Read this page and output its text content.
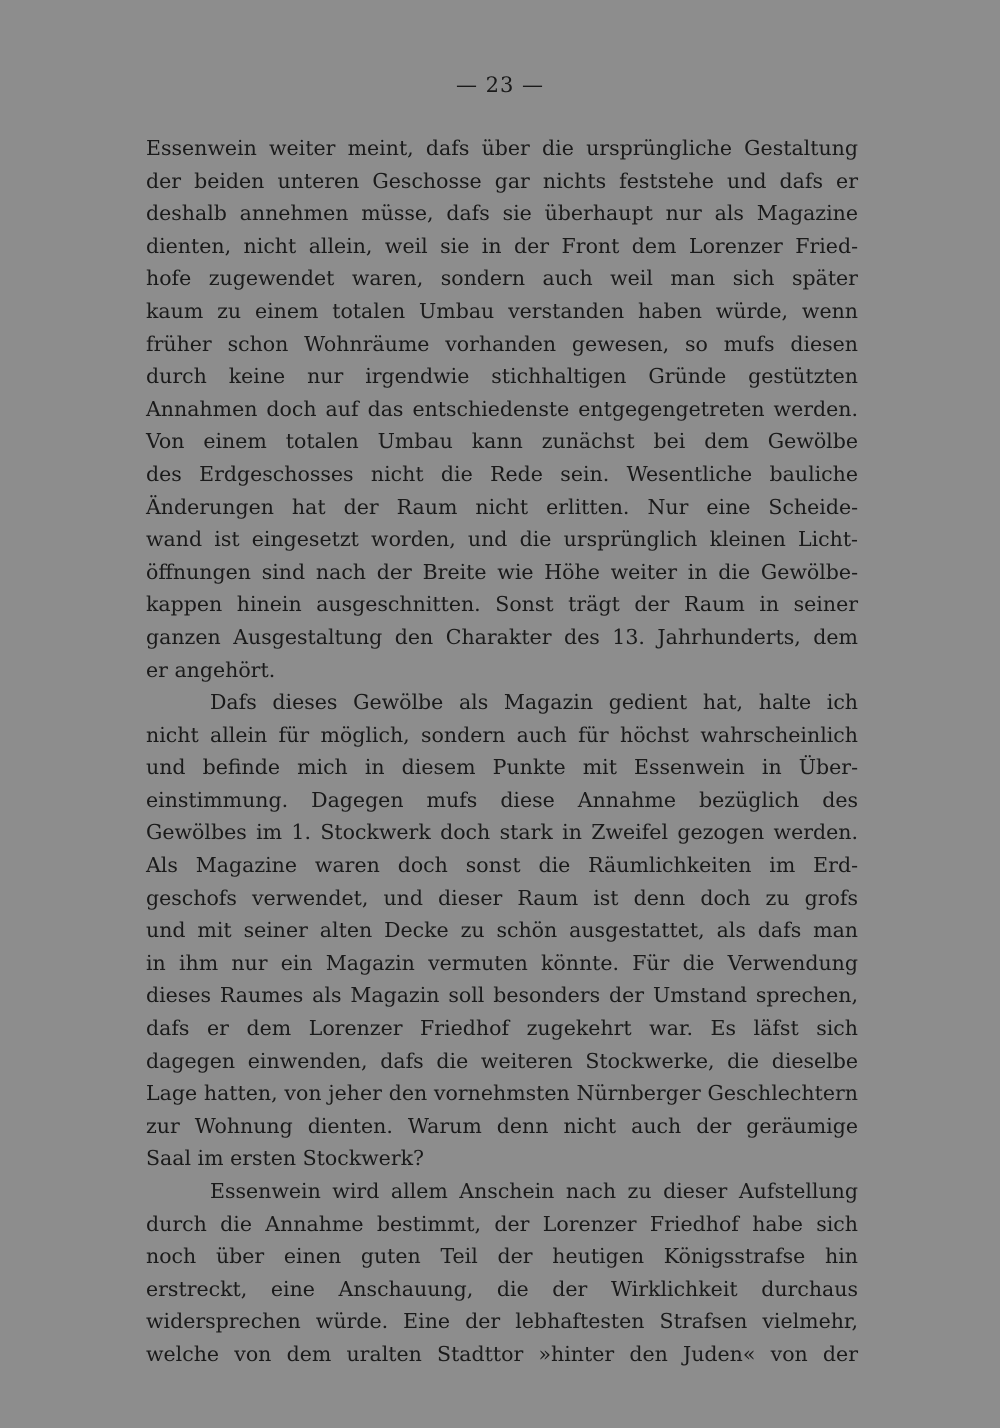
— 23 —
Essenwein weiter meint, dafs über die ursprüngliche Gestaltung
der beiden unteren Geschosse gar nichts feststehe und dafs er
deshalb annehmen müsse, dafs sie überhaupt nur als Magazine
dienten, nicht allein, weil sie in der Front dem Lorenzer Fried-
hofe zugewendet waren, sondern auch weil man sich später
kaum zu einem totalen Umbau verstanden haben würde, wenn
früher schon Wohnräume vorhanden gewesen, so mufs diesen
durch keine nur irgendwie stichhaltigen Gründe gestützten
Annahmen doch auf das entschiedenste entgegengetreten werden.
Von einem totalen Umbau kann zunächst bei dem Gewölbe
des Erdgeschosses nicht die Rede sein. Wesentliche bauliche
Änderungen hat der Raum nicht erlitten. Nur eine Scheide-
wand ist eingesetzt worden, und die ursprünglich kleinen Licht-
öffnungen sind nach der Breite wie Höhe weiter in die Gewölbe-
kappen hinein ausgeschnitten. Sonst trägt der Raum in seiner
ganzen Ausgestaltung den Charakter des 13. Jahrhunderts, dem
er angehört.
Dafs dieses Gewölbe als Magazin gedient hat, halte ich
nicht allein für möglich, sondern auch für höchst wahrscheinlich
und befinde mich in diesem Punkte mit Essenwein in Über-
einstimmung. Dagegen mufs diese Annahme bezüglich des
Gewölbes im 1. Stockwerk doch stark in Zweifel gezogen werden.
Als Magazine waren doch sonst die Räumlichkeiten im Erd-
geschofs verwendet, und dieser Raum ist denn doch zu grofs
und mit seiner alten Decke zu schön ausgestattet, als dafs man
in ihm nur ein Magazin vermuten könnte. Für die Verwendung
dieses Raumes als Magazin soll besonders der Umstand sprechen,
dafs er dem Lorenzer Friedhof zugekehrt war. Es läfst sich
dagegen einwenden, dafs die weiteren Stockwerke, die dieselbe
Lage hatten, von jeher den vornehmsten Nürnberger Geschlechtern
zur Wohnung dienten. Warum denn nicht auch der geräumige
Saal im ersten Stockwerk?
Essenwein wird allem Anschein nach zu dieser Aufstellung
durch die Annahme bestimmt, der Lorenzer Friedhof habe sich
noch über einen guten Teil der heutigen Königsstrafse hin
erstreckt, eine Anschauung, die der Wirklichkeit durchaus
widersprechen würde. Eine der lebhaftesten Strafsen vielmehr,
welche von dem uralten Stadttor »hinter den Juden« von der
